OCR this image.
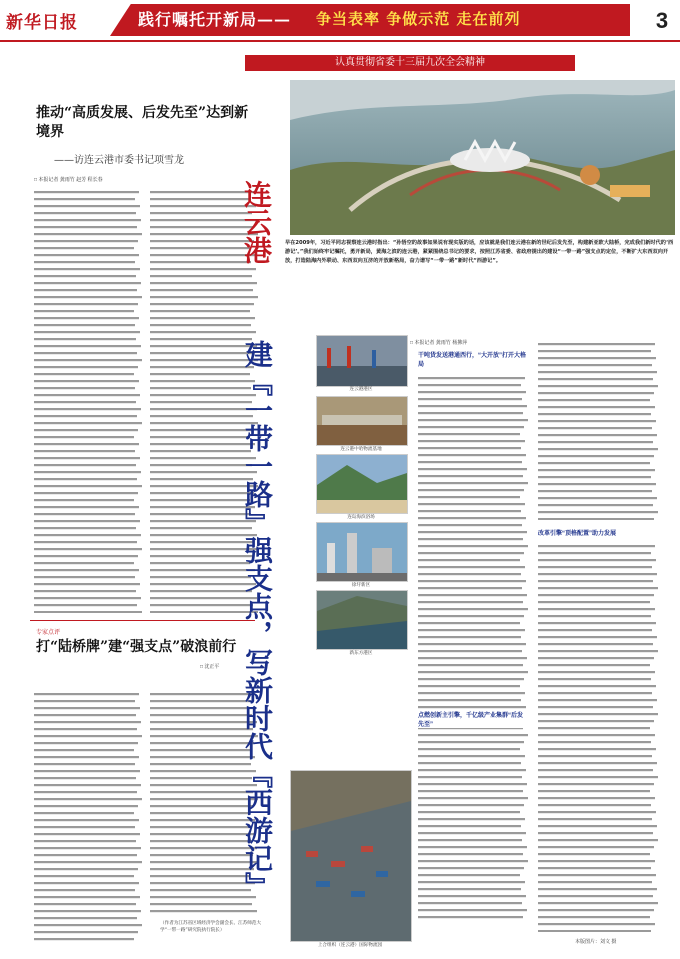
新华日报	践行嘱托开新局—— 争当表率 争做示范 走在前列	3
认真贯彻省委十三届九次全会精神
推动“高质发展、后发先至”达到新境界
——访连云港市委书记项雪龙
□ 本报记者 龚雨竹 赵芳 程长春
专家点评
打“陆桥牌”建“强支点”破浪前行
□ 沈正平
（作者为江苏省区域经济学会副会长、江苏师范大学“一带一路”研究院执行院长）
早在2009年，习近平同志视察连云港时指出：“孙悟空的故事如果说有现实版的话，应该就是我们连云港在新的世纪后发先至，构建新亚欧大陆桥，完成我们新时代的‘西游记’。”我们始终牢记嘱托，勇开新局，黄海之滨的连云港，紧紧围绕总书记的要求，按照江苏省委、省政府提出的建设“一带一路”强支点的定位，不断扩大东西双向开放，打造陆海内外联动、东西双向互济的开放新格局，奋力谱写“一带一路”新时代“西游记”。
连云港
建『一带一路』强支点，写新时代『西游记』	连云港港区
连云港中哈物流基地
连岛海滨浴场
徐圩新区
新东方港区
上合组织（连云港）国际物流园
□ 本报记者 龚雨竹 杨拂萍
干吨货发送港通西行，“大开放”打开大格局
点燃创新主引擎，千亿级产业集群“后发先至”
改革引擎“顶格配置”助力发展
本版图片：刘文 摄
